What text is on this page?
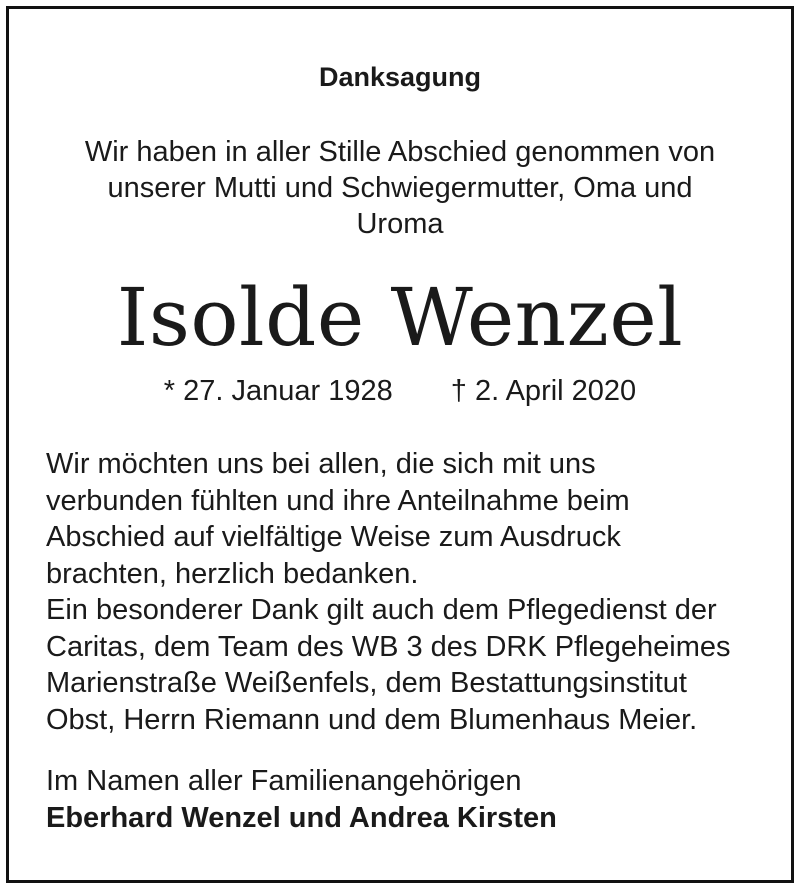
Danksagung
Wir haben in aller Stille Abschied genommen von
unserer Mutti und Schwiegermutter, Oma und
Uroma
Isolde Wenzel
* 27. Januar 1928 † 2. April 2020
Wir möchten uns bei allen, die sich mit uns
verbunden fühlten und ihre Anteilnahme beim
Abschied auf vielfältige Weise zum Ausdruck
brachten, herzlich bedanken.
Ein besonderer Dank gilt auch dem Pflegedienst der
Caritas, dem Team des WB 3 des DRK Pflegeheimes
Marienstraße Weißenfels, dem Bestattungsinstitut
Obst, Herrn Riemann und dem Blumenhaus Meier.
Im Namen aller Familienangehörigen
Eberhard Wenzel und Andrea Kirsten
